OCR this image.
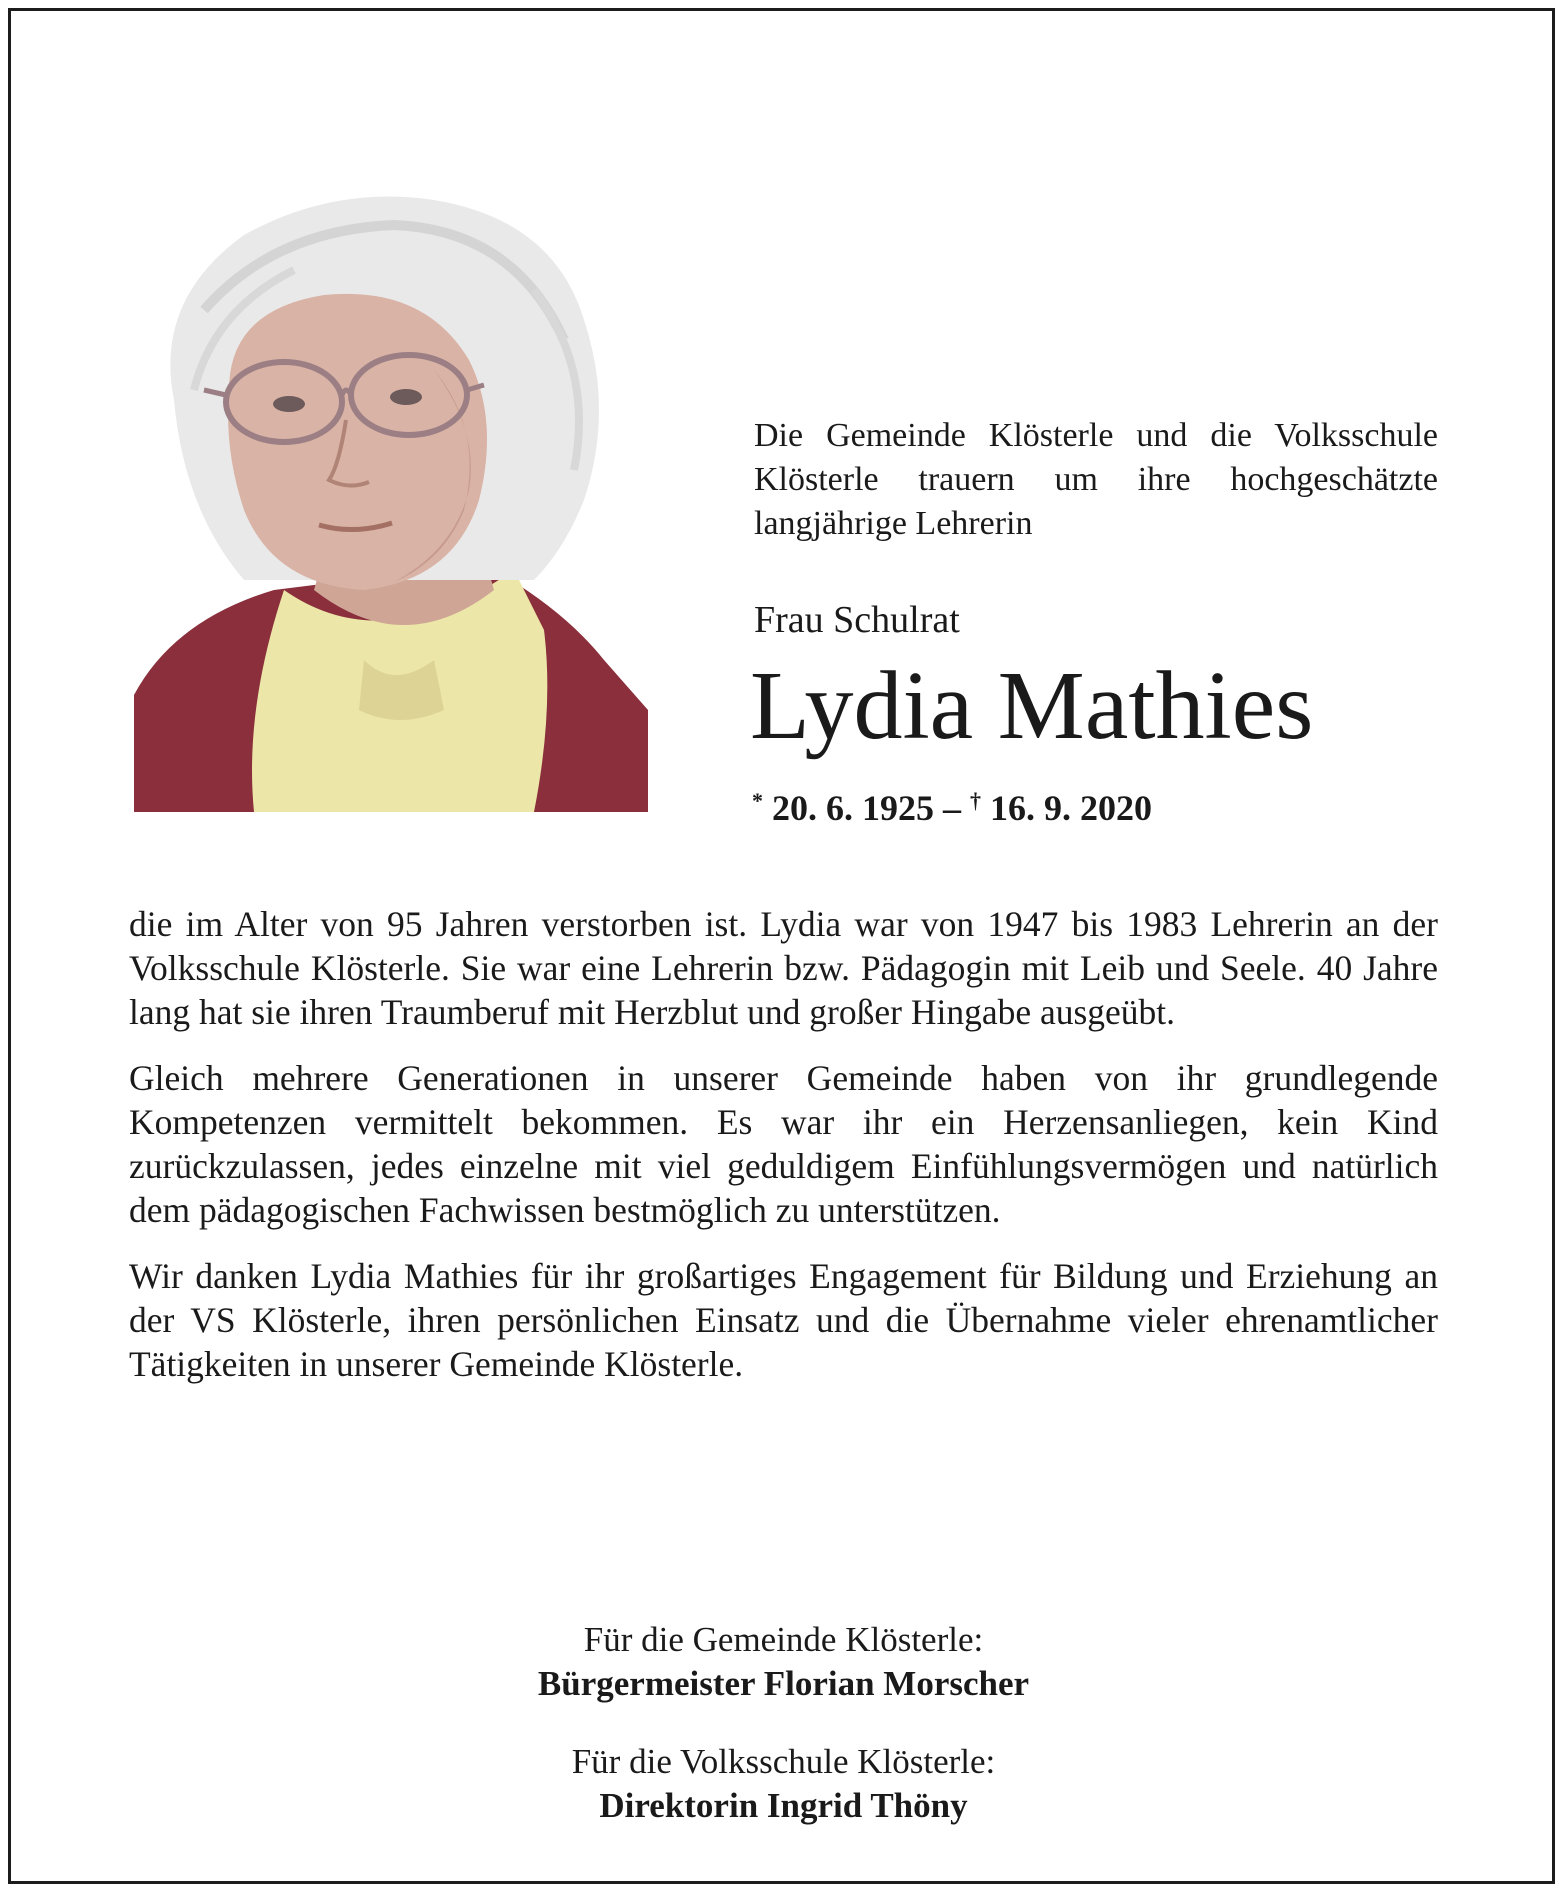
Die Gemeinde Klösterle und die Volksschule Klösterle trauern um ihre hochgeschätzte langjährige Lehrerin
Frau Schulrat
Lydia Mathies
* 20. 6. 1925 – † 16. 9. 2020

die im Alter von 95 Jahren verstorben ist. Lydia war von 1947 bis 1983 Lehrerin an der Volksschule Klösterle. Sie war eine Lehrerin bzw. Pädagogin mit Leib und Seele. 40 Jahre lang hat sie ihren Traumberuf mit Herzblut und großer Hingabe ausgeübt.

Gleich mehrere Generationen in unserer Gemeinde haben von ihr grundlegende Kompetenzen vermittelt bekommen. Es war ihr ein Herzensanliegen, kein Kind zurückzulassen, jedes einzelne mit viel geduldigem Einfühlungsvermögen und natürlich dem pädagogischen Fachwissen bestmöglich zu unterstützen.

Wir danken Lydia Mathies für ihr großartiges Engagement für Bildung und Erziehung an der VS Klösterle, ihren persönlichen Einsatz und die Übernahme vieler ehrenamtlicher Tätigkeiten in unserer Gemeinde Klösterle.

Für die Gemeinde Klösterle:
Bürgermeister Florian Morscher
Für die Volksschule Klösterle:
Direktorin Ingrid Thöny
